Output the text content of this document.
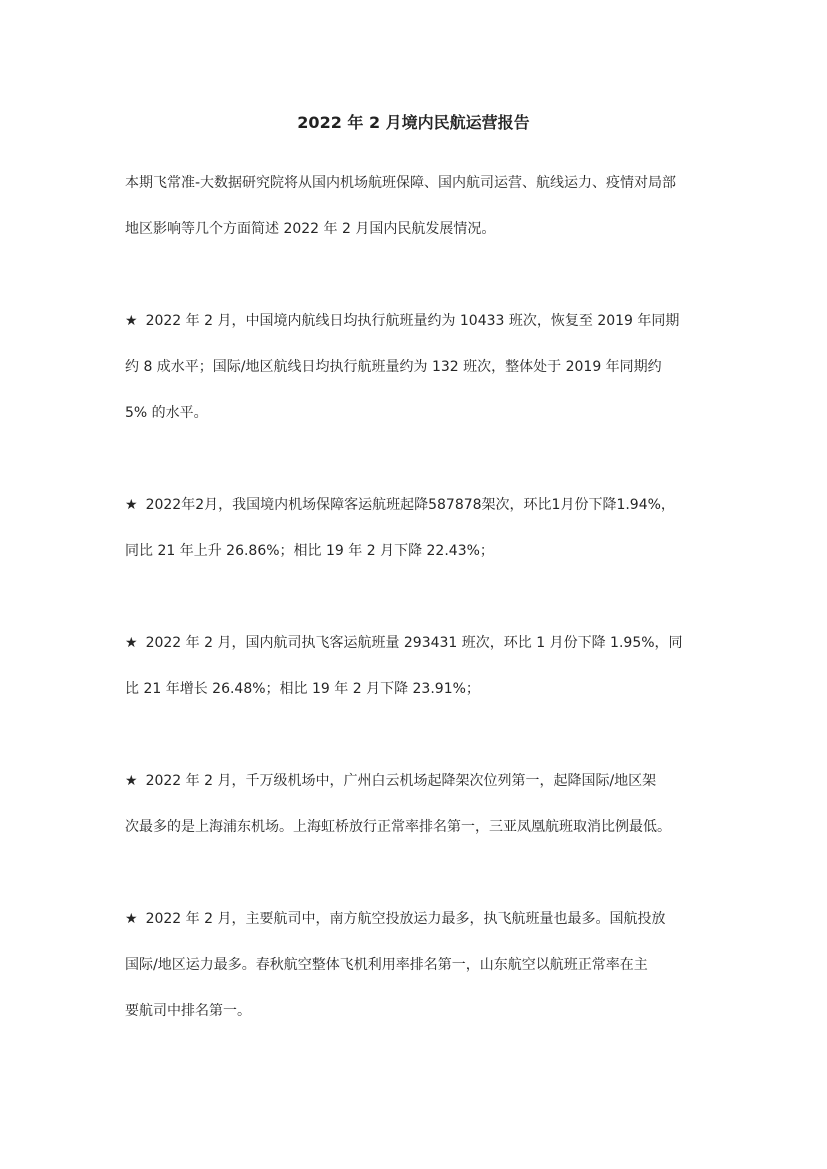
2022 年 2 月境内民航运营报告

本期飞常准-大数据研究院将从国内机场航班保障、国内航司运营、航线运力、疫情对局部
地区影响等几个方面简述 2022 年 2 月国内民航发展情况。

★ 2022 年 2 月，中国境内航线日均执行航班量约为 10433 班次，恢复至 2019 年同期
约 8 成水平；国际/地区航线日均执行航班量约为 132 班次，整体处于 2019 年同期约
5% 的水平。

★ 2022年2月，我国境内机场保障客运航班起降587878架次，环比1月份下降1.94%，
同比 21 年上升 26.86%；相比 19 年 2 月下降 22.43%；

★ 2022 年 2 月，国内航司执飞客运航班量 293431 班次，环比 1 月份下降 1.95%，同
比 21 年增长 26.48%；相比 19 年 2 月下降 23.91%；

★ 2022 年 2 月，千万级机场中，广州白云机场起降架次位列第一，起降国际/地区架
次最多的是上海浦东机场。上海虹桥放行正常率排名第一，三亚凤凰航班取消比例最低。

★ 2022 年 2 月，主要航司中，南方航空投放运力最多，执飞航班量也最多。国航投放
国际/地区运力最多。春秋航空整体飞机利用率排名第一，山东航空以航班正常率在主
要航司中排名第一。
